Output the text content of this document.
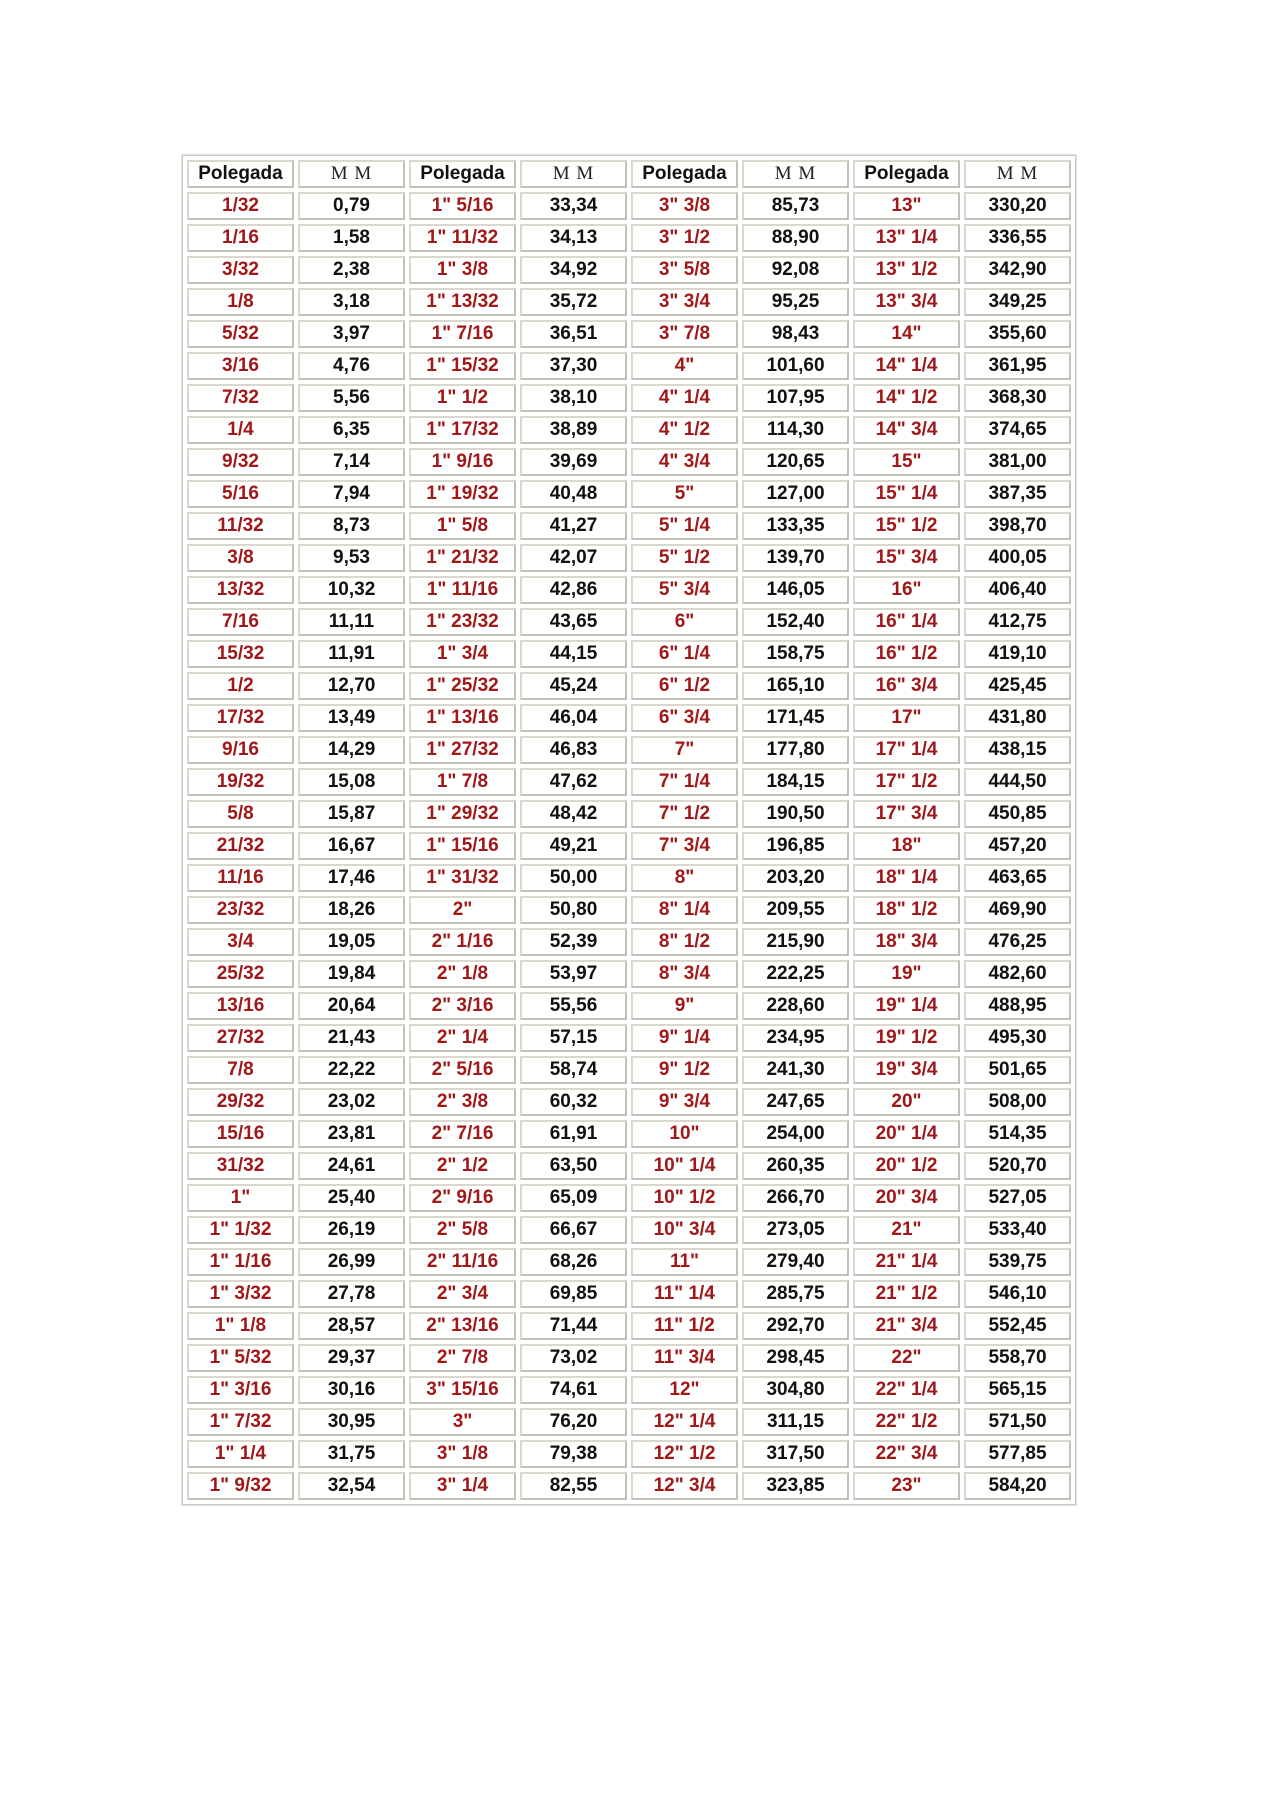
Polegada	M M	Polegada	M M	Polegada	M M	Polegada	M M
1/32	0,79	1" 5/16	33,34	3" 3/8	85,73	13"	330,20
1/16	1,58	1" 11/32	34,13	3" 1/2	88,90	13" 1/4	336,55
3/32	2,38	1" 3/8	34,92	3" 5/8	92,08	13" 1/2	342,90
1/8	3,18	1" 13/32	35,72	3" 3/4	95,25	13" 3/4	349,25
5/32	3,97	1" 7/16	36,51	3" 7/8	98,43	14"	355,60
3/16	4,76	1" 15/32	37,30	4"	101,60	14" 1/4	361,95
7/32	5,56	1" 1/2	38,10	4" 1/4	107,95	14" 1/2	368,30
1/4	6,35	1" 17/32	38,89	4" 1/2	114,30	14" 3/4	374,65
9/32	7,14	1" 9/16	39,69	4" 3/4	120,65	15"	381,00
5/16	7,94	1" 19/32	40,48	5"	127,00	15" 1/4	387,35
11/32	8,73	1" 5/8	41,27	5" 1/4	133,35	15" 1/2	398,70
3/8	9,53	1" 21/32	42,07	5" 1/2	139,70	15" 3/4	400,05
13/32	10,32	1" 11/16	42,86	5" 3/4	146,05	16"	406,40
7/16	11,11	1" 23/32	43,65	6"	152,40	16" 1/4	412,75
15/32	11,91	1" 3/4	44,15	6" 1/4	158,75	16" 1/2	419,10
1/2	12,70	1" 25/32	45,24	6" 1/2	165,10	16" 3/4	425,45
17/32	13,49	1" 13/16	46,04	6" 3/4	171,45	17"	431,80
9/16	14,29	1" 27/32	46,83	7"	177,80	17" 1/4	438,15
19/32	15,08	1" 7/8	47,62	7" 1/4	184,15	17" 1/2	444,50
5/8	15,87	1" 29/32	48,42	7" 1/2	190,50	17" 3/4	450,85
21/32	16,67	1" 15/16	49,21	7" 3/4	196,85	18"	457,20
11/16	17,46	1" 31/32	50,00	8"	203,20	18" 1/4	463,65
23/32	18,26	2"	50,80	8" 1/4	209,55	18" 1/2	469,90
3/4	19,05	2" 1/16	52,39	8" 1/2	215,90	18" 3/4	476,25
25/32	19,84	2" 1/8	53,97	8" 3/4	222,25	19"	482,60
13/16	20,64	2" 3/16	55,56	9"	228,60	19" 1/4	488,95
27/32	21,43	2" 1/4	57,15	9" 1/4	234,95	19" 1/2	495,30
7/8	22,22	2" 5/16	58,74	9" 1/2	241,30	19" 3/4	501,65
29/32	23,02	2" 3/8	60,32	9" 3/4	247,65	20"	508,00
15/16	23,81	2" 7/16	61,91	10"	254,00	20" 1/4	514,35
31/32	24,61	2" 1/2	63,50	10" 1/4	260,35	20" 1/2	520,70
1"	25,40	2" 9/16	65,09	10" 1/2	266,70	20" 3/4	527,05
1" 1/32	26,19	2" 5/8	66,67	10" 3/4	273,05	21"	533,40
1" 1/16	26,99	2" 11/16	68,26	11"	279,40	21" 1/4	539,75
1" 3/32	27,78	2" 3/4	69,85	11" 1/4	285,75	21" 1/2	546,10
1" 1/8	28,57	2" 13/16	71,44	11" 1/2	292,70	21" 3/4	552,45
1" 5/32	29,37	2" 7/8	73,02	11" 3/4	298,45	22"	558,70
1" 3/16	30,16	3" 15/16	74,61	12"	304,80	22" 1/4	565,15
1" 7/32	30,95	3"	76,20	12" 1/4	311,15	22" 1/2	571,50
1" 1/4	31,75	3" 1/8	79,38	12" 1/2	317,50	22" 3/4	577,85
1" 9/32	32,54	3" 1/4	82,55	12" 3/4	323,85	23"	584,20
